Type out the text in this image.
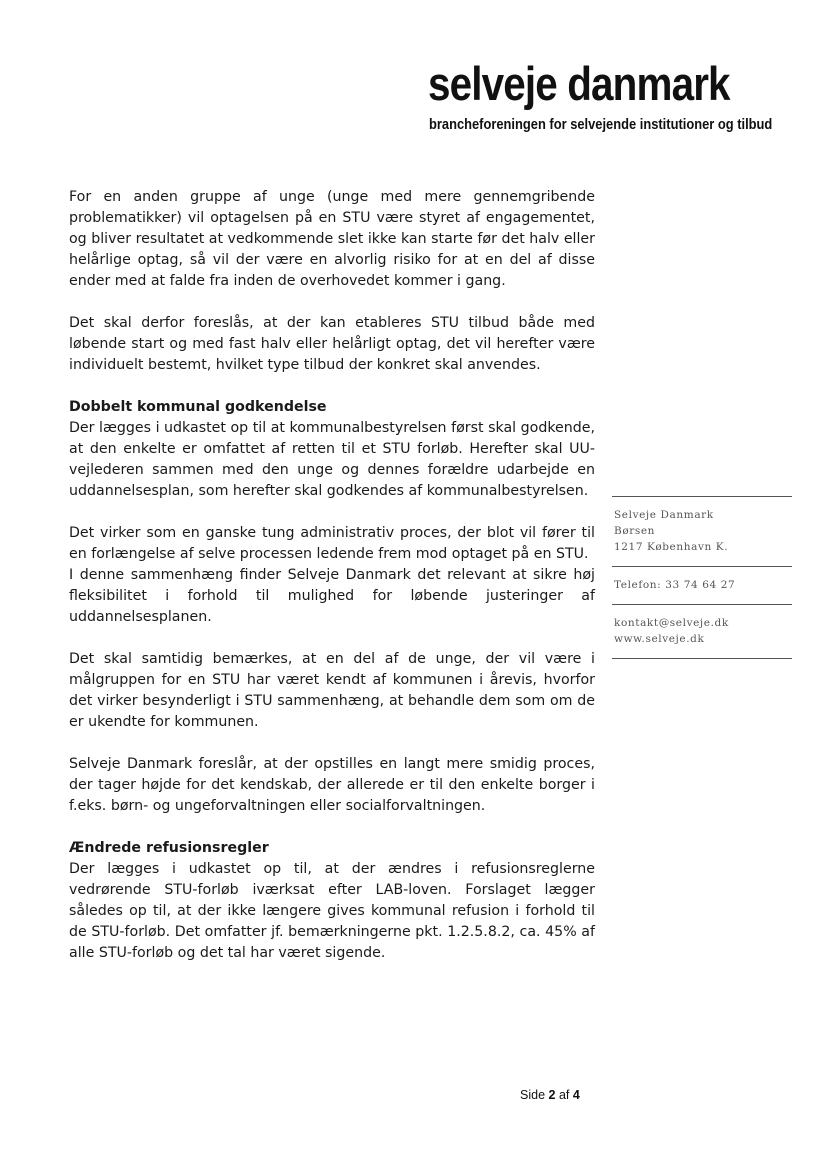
selveje danmark
brancheforeningen for selvejende institutioner og tilbud

For en anden gruppe af unge (unge med mere gennemgribende problematikker) vil optagelsen på en STU være styret af engagementet, og bliver resultatet at vedkommende slet ikke kan starte før det halv eller helårlige optag, så vil der være en alvorlig risiko for at en del af disse ender med at falde fra inden de overhovedet kommer i gang.

Det skal derfor foreslås, at der kan etableres STU tilbud både med løbende start og med fast halv eller helårligt optag, det vil herefter være individuelt bestemt, hvilket type tilbud der konkret skal anvendes.

Dobbelt kommunal godkendelse

Der lægges i udkastet op til at kommunalbestyrelsen først skal godkende, at den enkelte er omfattet af retten til et STU forløb. Herefter skal UU-vejlederen sammen med den unge og dennes forældre udarbejde en uddannelsesplan, som herefter skal godkendes af kommunalbestyrelsen.

Det virker som en ganske tung administrativ proces, der blot vil fører til en forlængelse af selve processen ledende frem mod optaget på en STU.

I denne sammenhæng finder Selveje Danmark det relevant at sikre høj fleksibilitet i forhold til mulighed for løbende justeringer af uddannelsesplanen.

Det skal samtidig bemærkes, at en del af de unge, der vil være i målgruppen for en STU har været kendt af kommunen i årevis, hvorfor det virker besynderligt i STU sammenhæng, at behandle dem som om de er ukendte for kommunen.

Selveje Danmark foreslår, at der opstilles en langt mere smidig proces, der tager højde for det kendskab, der allerede er til den enkelte borger i f.eks. børn- og ungeforvaltningen eller socialforvaltningen.

Ændrede refusionsregler

Der lægges i udkastet op til, at der ændres i refusionsreglerne vedrørende STU-forløb iværksat efter LAB-loven. Forslaget lægger således op til, at der ikke længere gives kommunal refusion i forhold til de STU-forløb. Det omfatter jf. bemærkningerne pkt. 1.2.5.8.2, ca. 45% af alle STU-forløb og det tal har været sigende.

Selveje Danmark
Børsen
1217 København K.
Telefon: 33 74 64 27
kontakt@selveje.dk
www.selveje.dk
Side 2 af 4
